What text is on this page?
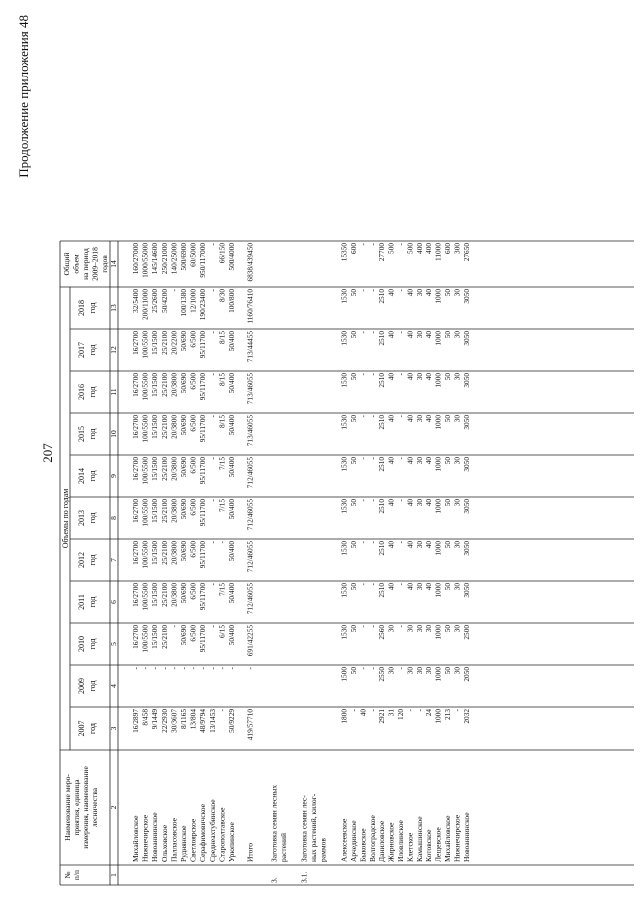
Продолжение приложения 48
207
№ п/п
Наименование меро- приятия, единица измерения, наименование лесничества
Объемы по годам
2007 год
2009 год
2010 год
2011 год
2012 год
2013 год
2014 год
2015 год
2016 год
2017 год
2018 год
Общий объем на период 2009–2018 годов
1
2
3
4
5
6
7
8
9
10
11
12
13
14
Михайловское
16/2897
-
16/2700
16/2700
16/2700
16/2700
16/2700
16/2700
16/2700
16/2700
32/5400
160/27000
Нижнечирское
8/458
-
100/5500
100/5500
100/5500
100/5500
100/5500
100/5500
100/5500
100/5500
200/11000
1000/55000
Новоаннинское
9/1449
-
15/1500
15/1500
15/1500
15/1500
15/1500
15/1500
15/1500
15/1500
25/2600
145/14600
Ольховское
22/2930
-
25/2100
25/2100
25/2100
25/2100
25/2100
25/2100
25/2100
25/2100
50/4200
250/21000
Палласовское
30/3607
-
-
20/3800
20/3800
20/3800
20/3800
20/3800
20/3800
20/2200
-
140/25000
Руднянское
8/1165
-
50/690
50/690
50/690
50/690
50/690
50/690
50/690
50/690
100/1380
500/6900
Светлоярское
13/804
-
6/500
6/500
6/500
6/500
6/500
6/500
6/500
6/500
12/1000
60/5000
Серафимовичское
48/9794
-
95/11700
95/11700
95/11700
95/11700
95/11700
95/11700
95/11700
95/11700
190/23400
950/117000
Среднеахтубинское
13/1453
-
-
-
-
-
-
-
-
-
-
-
Старополтавское
-
-
6/15
7/15
-
7/15
7/15
8/15
8/15
8/15
8/30
66/150
Урюпинское
50/9229
-
50/400
50/400
50/400
50/400
50/400
50/400
50/400
50/400
100/800
500/4000
Итого
419/57710
-
691/42255
712/46055
712/46055
712/46055
712/46055
713/46055
713/46055
713/44455
1160/76410
6838/439450
3.
Заготовка семян лесных растений
3.1.
Заготовка семян лес- ных растений, килог- раммов Алексеевское
1800
1500
1530
1530
1530
1530
1530
1530
1530
1530
1530
15350
Арчединское
-
50
50
50
50
50
50
50
50
50
50
600
Быковское
40
-
-
-
-
-
-
-
-
-
-
-
Волгоградское
-
-
-
-
-
-
-
-
-
-
-
-
Даниловское
2921
2550
2560
2510
2510
2510
2510
2510
2510
2510
2510
27700
Жирновское
31
30
30
40
40
40
40
40
40
40
40
500
Иловлинское
120
-
-
-
-
-
-
-
-
-
-
-
Клетское
-
30
30
40
40
40
40
40
40
40
40
500
Камышинское
-
30
30
30
30
30
30
30
30
30
30
400
Котовское
24
30
30
40
40
40
40
40
40
40
40
400
Лещевское
1000
1000
1000
1000
1000
1000
1000
1000
1000
1000
1000
11000
Михайловское
213
50
50
50
50
50
50
50
50
50
50
600
Нижнечирское
-
30
30
30
30
30
30
30
30
30
30
300
Новоаннинское
2032
2050
2500
3050
3050
3050
3050
3050
3050
3050
3050
27650
